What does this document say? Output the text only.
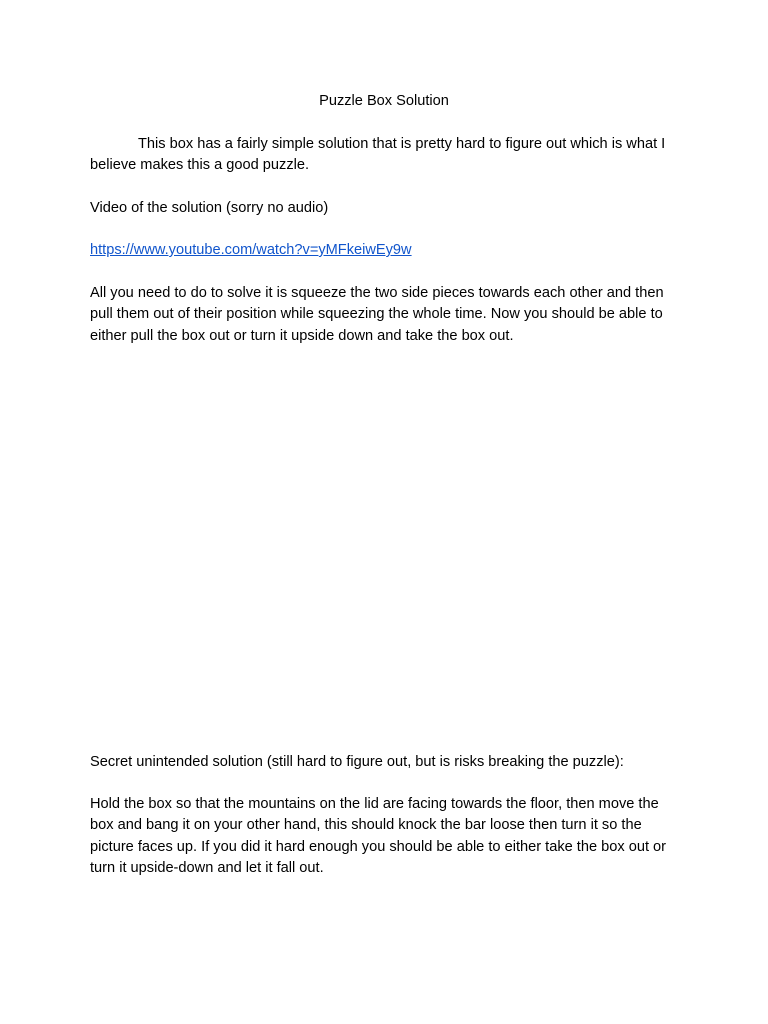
Puzzle Box Solution

This box has a fairly simple solution that is pretty hard to figure out which is what I believe makes this a good puzzle.

Video of the solution (sorry no audio)

https://www.youtube.com/watch?v=yMFkeiwEy9w

All you need to do to solve it is squeeze the two side pieces towards each other and then pull them out of their position while squeezing the whole time. Now you should be able to either pull the box out or turn it upside down and take the box out.

Secret unintended solution (still hard to figure out, but is risks breaking the puzzle):

Hold the box so that the mountains on the lid are facing towards the floor, then move the box and bang it on your other hand, this should knock the bar loose then turn it so the picture faces up. If you did it hard enough you should be able to either take the box out or turn it upside-down and let it fall out.
